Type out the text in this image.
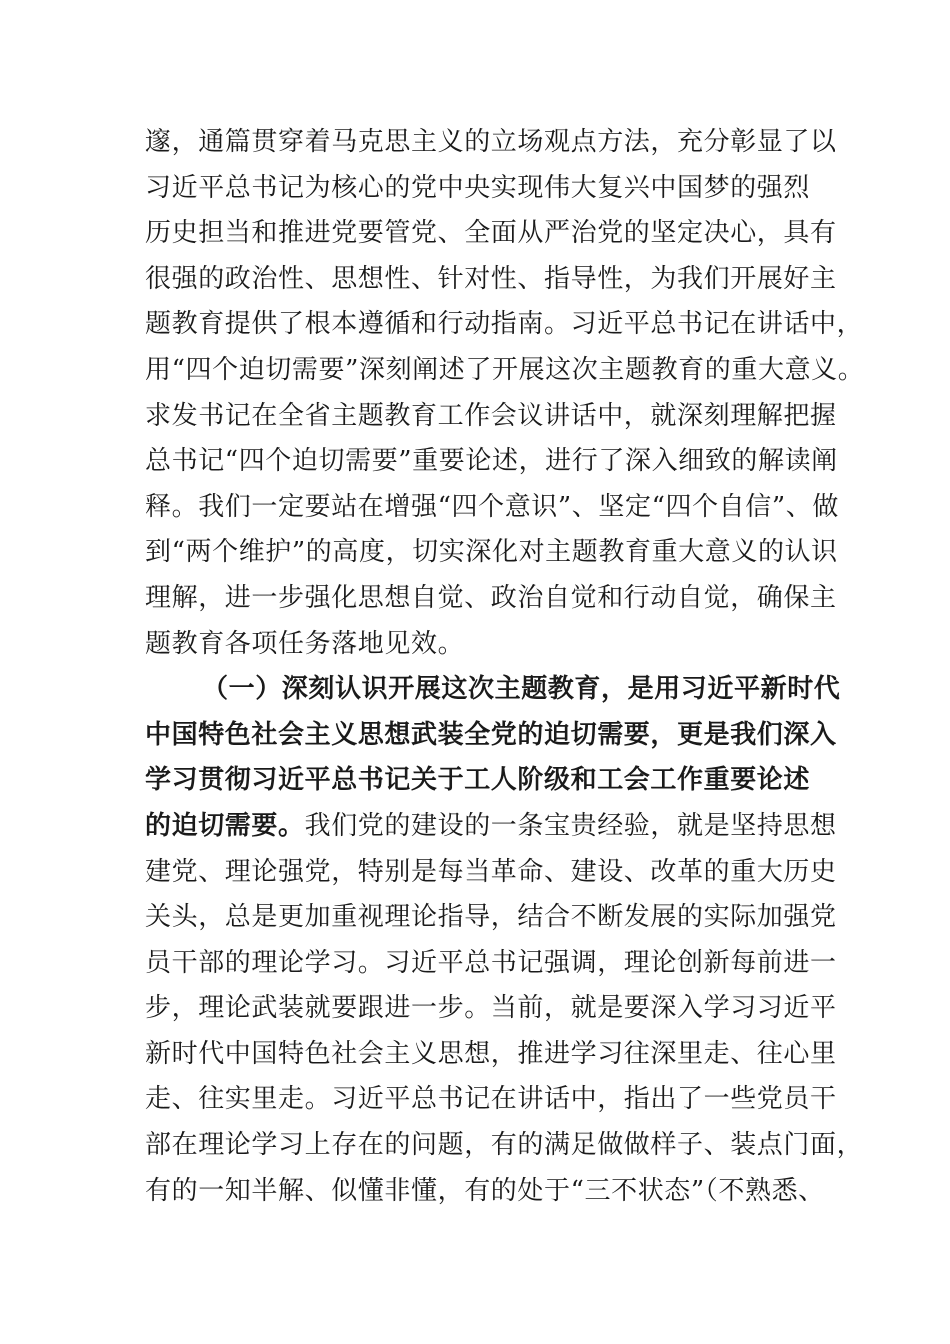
邃，通篇贯穿着马克思主义的立场观点方法，充分彰显了以
习近平总书记为核心的党中央实现伟大复兴中国梦的强烈
历史担当和推进党要管党、全面从严治党的坚定决心，具有
很强的政治性、思想性、针对性、指导性，为我们开展好主
题教育提供了根本遵循和行动指南。习近平总书记在讲话中，
用“四个迫切需要”深刻阐述了开展这次主题教育的重大意义。
求发书记在全省主题教育工作会议讲话中，就深刻理解把握
总书记“四个迫切需要”重要论述，进行了深入细致的解读阐
释。我们一定要站在增强“四个意识”、坚定“四个自信”、做
到“两个维护”的高度，切实深化对主题教育重大意义的认识
理解，进一步强化思想自觉、政治自觉和行动自觉，确保主
题教育各项任务落地见效。
（一）深刻认识开展这次主题教育，是用习近平新时代
中国特色社会主义思想武装全党的迫切需要，更是我们深入
学习贯彻习近平总书记关于工人阶级和工会工作重要论述
的迫切需要。我们党的建设的一条宝贵经验，就是坚持思想
建党、理论强党，特别是每当革命、建设、改革的重大历史
关头，总是更加重视理论指导，结合不断发展的实际加强党
员干部的理论学习。习近平总书记强调，理论创新每前进一
步，理论武装就要跟进一步。当前，就是要深入学习习近平
新时代中国特色社会主义思想，推进学习往深里走、往心里
走、往实里走。习近平总书记在讲话中，指出了一些党员干
部在理论学习上存在的问题，有的满足做做样子、装点门面，
有的一知半解、似懂非懂，有的处于“三不状态”（不熟悉、
